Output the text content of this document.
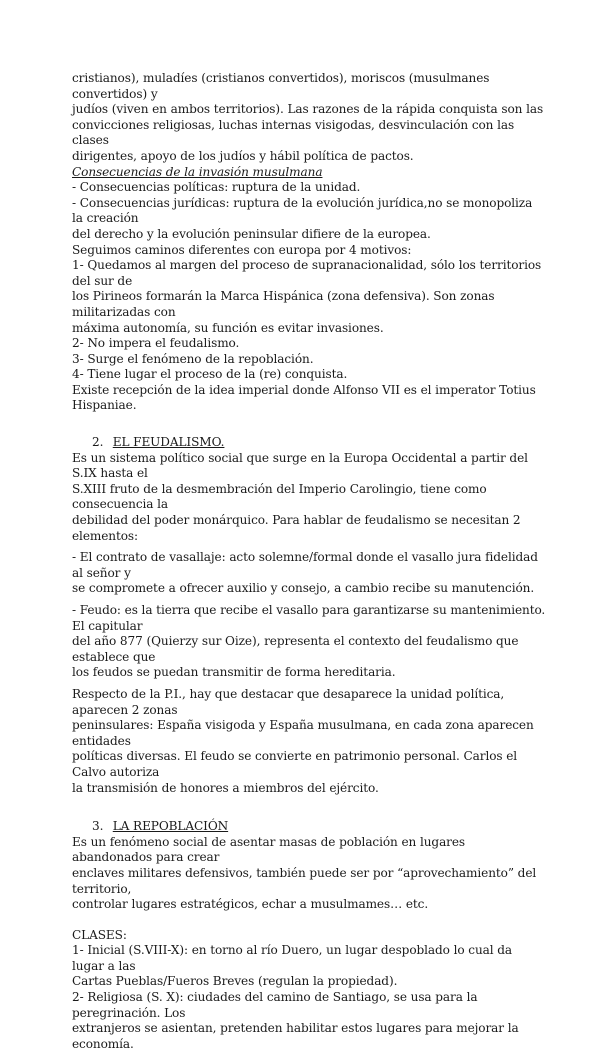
cristianos), muladíes (cristianos convertidos), moriscos (musulmanes convertidos) y

judíos (viven en ambos territorios). Las razones de la rápida conquista son las

convicciones religiosas, luchas internas visigodas, desvinculación con las clases

dirigentes, apoyo de los judíos y hábil política de pactos.

Consecuencias de la invasión musulmana

- Consecuencias políticas: ruptura de la unidad.

- Consecuencias jurídicas: ruptura de la evolución jurídica,no se monopoliza la creación

del derecho y la evolución peninsular difiere de la europea.

Seguimos caminos diferentes con europa por 4 motivos:

1- Quedamos al margen del proceso de supranacionalidad, sólo los territorios del sur de

los Pirineos formarán la Marca Hispánica (zona defensiva). Son zonas militarizadas con

máxima autonomía, su función es evitar invasiones.

2- No impera el feudalismo.

3- Surge el fenómeno de la repoblación.

4- Tiene lugar el proceso de la (re) conquista.

Existe recepción de la idea imperial donde Alfonso VII es el imperator Totius Hispaniae.

2. EL FEUDALISMO.

Es un sistema político social que surge en la Europa Occidental a partir del S.IX hasta el

S.XIII fruto de la desmembración del Imperio Carolingio, tiene como consecuencia la

debilidad del poder monárquico. Para hablar de feudalismo se necesitan 2 elementos:

- El contrato de vasallaje: acto solemne/formal donde el vasallo jura fidelidad al señor y

se compromete a ofrecer auxilio y consejo, a cambio recibe su manutención.

- Feudo: es la tierra que recibe el vasallo para garantizarse su mantenimiento. El capitular

del año 877 (Quierzy sur Oize), representa el contexto del feudalismo que establece que

los feudos se puedan transmitir de forma hereditaria.

Respecto de la P.I., hay que destacar que desaparece la unidad política, aparecen 2 zonas

peninsulares: España visigoda y España musulmana, en cada zona aparecen entidades

políticas diversas. El feudo se convierte en patrimonio personal. Carlos el Calvo autoriza

la transmisión de honores a miembros del ejército.

3. LA REPOBLACIÓN

Es un fenómeno social de asentar masas de población en lugares abandonados para crear

enclaves militares defensivos, también puede ser por “aprovechamiento” del territorio,

controlar lugares estratégicos, echar a musulmames… etc.

CLASES:

1- Inicial (S.VIII-X): en torno al río Duero, un lugar despoblado lo cual da lugar a las

Cartas Pueblas/Fueros Breves (regulan la propiedad).

2- Religiosa (S. X): ciudades del camino de Santiago, se usa para la peregrinación. Los

extranjeros se asientan, pretenden habilitar estos lugares para mejorar la economía.
